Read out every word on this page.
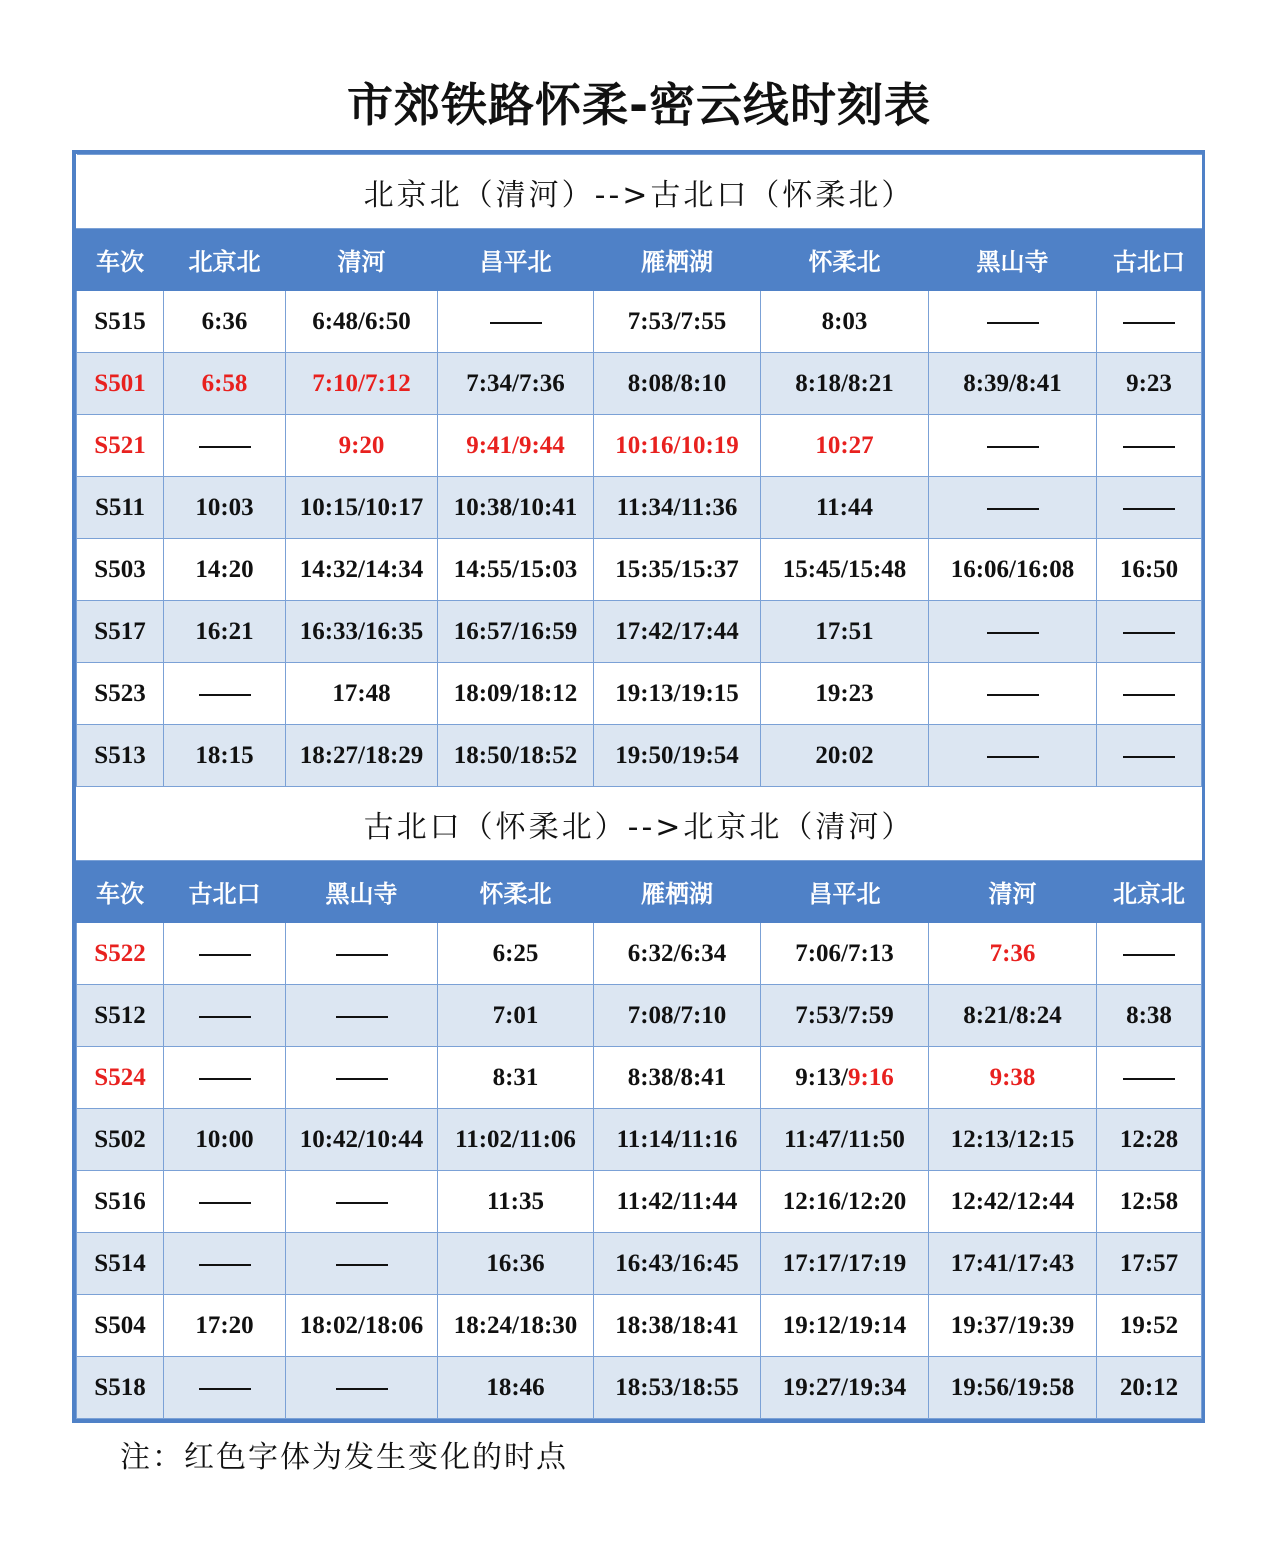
市郊铁路怀柔-密云线时刻表
北京北（清河）-->古北口（怀柔北）							
车次	北京北	清河	昌平北	雁栖湖	怀柔北	黑山寺	古北口
S515	6:36	6:48/6:50		7:53/7:55	8:03		
S501	6:58	7:10/7:12	7:34/7:36	8:08/8:10	8:18/8:21	8:39/8:41	9:23
S521		9:20	9:41/9:44	10:16/10:19	10:27		
S511	10:03	10:15/10:17	10:38/10:41	11:34/11:36	11:44		
S503	14:20	14:32/14:34	14:55/15:03	15:35/15:37	15:45/15:48	16:06/16:08	16:50
S517	16:21	16:33/16:35	16:57/16:59	17:42/17:44	17:51		
S523		17:48	18:09/18:12	19:13/19:15	19:23		
S513	18:15	18:27/18:29	18:50/18:52	19:50/19:54	20:02		
古北口（怀柔北）-->北京北（清河）							
车次	古北口	黑山寺	怀柔北	雁栖湖	昌平北	清河	北京北
S522			6:25	6:32/6:34	7:06/7:13	7:36	
S512			7:01	7:08/7:10	7:53/7:59	8:21/8:24	8:38
S524			8:31	8:38/8:41	9:13/9:16	9:38	
S502	10:00	10:42/10:44	11:02/11:06	11:14/11:16	11:47/11:50	12:13/12:15	12:28
S516			11:35	11:42/11:44	12:16/12:20	12:42/12:44	12:58
S514			16:36	16:43/16:45	17:17/17:19	17:41/17:43	17:57
S504	17:20	18:02/18:06	18:24/18:30	18:38/18:41	19:12/19:14	19:37/19:39	19:52
S518			18:46	18:53/18:55	19:27/19:34	19:56/19:58	20:12
注：红色字体为发生变化的时点
